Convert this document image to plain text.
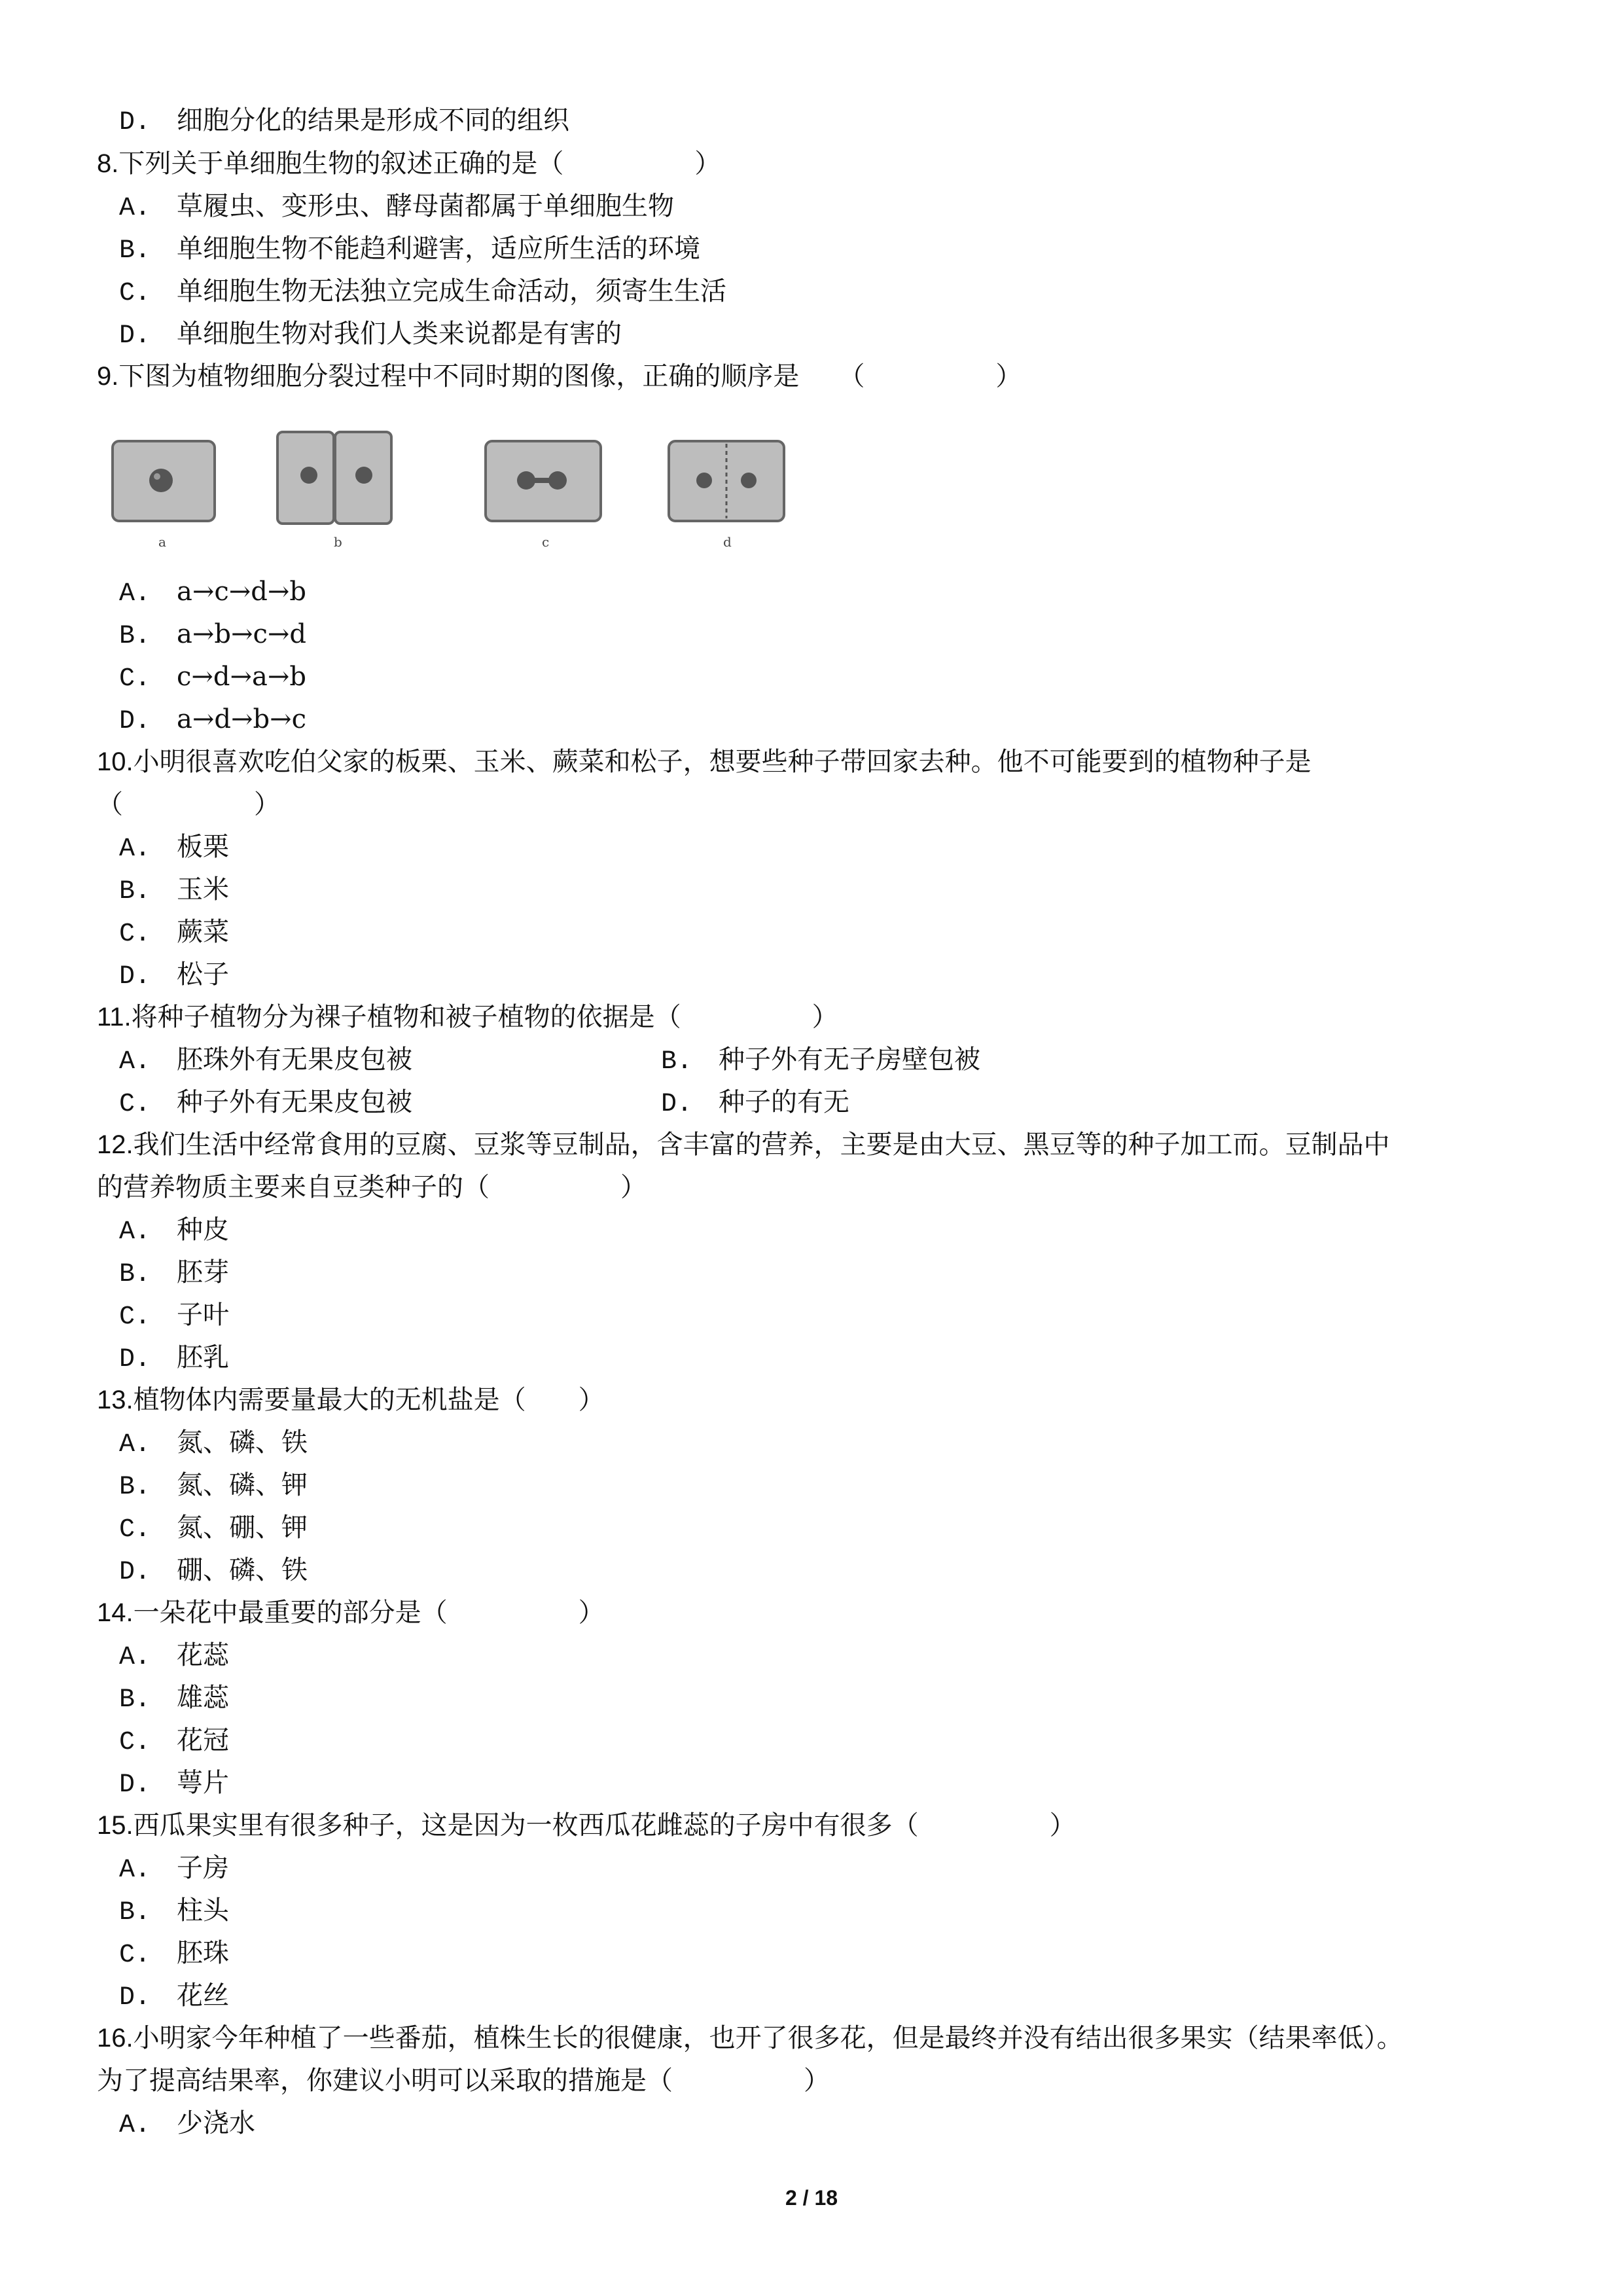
D. 细胞分化的结果是形成不同的组织
8.下列关于单细胞生物的叙述正确的是（　　　　　）
A. 草履虫、变形虫、酵母菌都属于单细胞生物
B. 单细胞生物不能趋利避害，适应所生活的环境
C. 单细胞生物无法独立完成生命活动，须寄生生活
D. 单细胞生物对我们人类来说都是有害的
9.下图为植物细胞分裂过程中不同时期的图像，正确的顺序是　　（　　　　　）
a	b	c	d
A. a→c→d→b
B. a→b→c→d
C. c→d→a→b
D. a→d→b→c
10.小明很喜欢吃伯父家的板栗、玉米、蕨菜和松子，想要些种子带回家去种。他不可能要到的植物种子是
（　　　　　）
A. 板栗
B. 玉米
C. 蕨菜
D. 松子
11.将种子植物分为裸子植物和被子植物的依据是（　　　　　）
A. 胚珠外有无果皮包被	B. 种子外有无子房壁包被
C. 种子外有无果皮包被	D. 种子的有无
12.我们生活中经常食用的豆腐、豆浆等豆制品，含丰富的营养，主要是由大豆、黑豆等的种子加工而。豆制品中
的营养物质主要来自豆类种子的（　　　　　）
A. 种皮
B. 胚芽
C. 子叶
D. 胚乳
13.植物体内需要量最大的无机盐是（　　）
A. 氮、磷、铁
B. 氮、磷、钾
C. 氮、硼、钾
D. 硼、磷、铁
14.一朵花中最重要的部分是（　　　　　）
A. 花蕊
B. 雄蕊
C. 花冠
D. 萼片
15.西瓜果实里有很多种子，这是因为一枚西瓜花雌蕊的子房中有很多（　　　　　）
A. 子房
B. 柱头
C. 胚珠
D. 花丝
16.小明家今年种植了一些番茄，植株生长的很健康，也开了很多花，但是最终并没有结出很多果实（结果率低）。
为了提高结果率，你建议小明可以采取的措施是（　　　　　）
A. 少浇水
2 / 18
